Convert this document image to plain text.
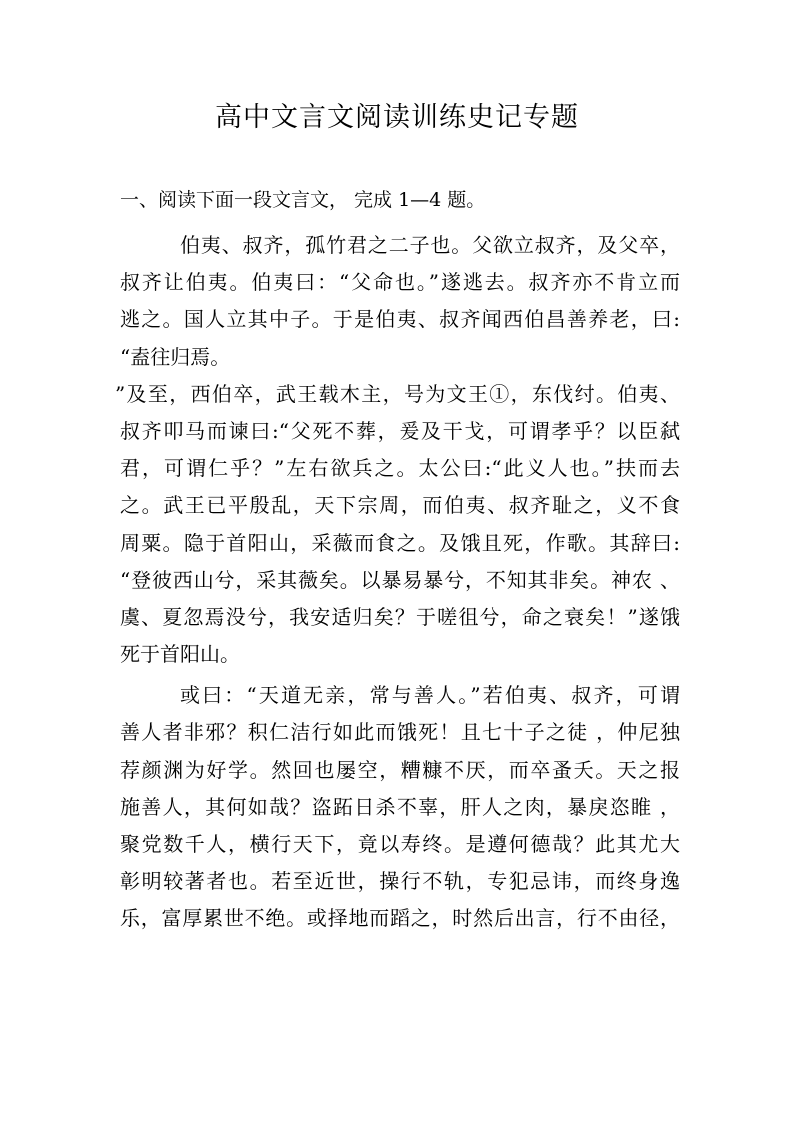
高中文言文阅读训练史记专题

一、阅读下面一段文言文， 完成 1—4 题。

伯夷、叔齐，孤竹君之二子也。父欲立叔齐，及父卒，
叔齐让伯夷。伯夷曰：“父命也。”遂逃去。叔齐亦不肯立而
逃之。国人立其中子。于是伯夷、叔齐闻西伯昌善养老，曰:
“盍往归焉。
”及至，西伯卒，武王载木主，号为文王①，东伐纣。伯夷、
叔齐叩马而谏曰:“父死不葬，爰及干戈，可谓孝乎？以臣弑
君，可谓仁乎？”左右欲兵之。太公曰:“此义人也。”扶而去
之。武王已平殷乱，天下宗周，而伯夷、叔齐耻之，义不食
周粟。隐于首阳山，采薇而食之。及饿且死，作歌。其辞曰:
“登彼西山兮，采其薇矣。以暴易暴兮，不知其非矣。神农 、
虞、夏忽焉没兮，我安适归矣？于嗟徂兮，命之衰矣！”遂饿
死于首阳山。
或曰：“天道无亲，常与善人。”若伯夷、叔齐，可谓
善人者非邪？积仁洁行如此而饿死！且七十子之徒 ，仲尼独
荐颜渊为好学。然回也屡空，糟糠不厌，而卒蚤夭。天之报
施善人，其何如哉？盗跖日杀不辜，肝人之肉，暴戾恣睢 ，
聚党数千人，横行天下，竟以寿终。是遵何德哉？此其尤大
彰明较著者也。若至近世，操行不轨，专犯忌讳，而终身逸
乐，富厚累世不绝。或择地而蹈之，时然后出言，行不由径，
